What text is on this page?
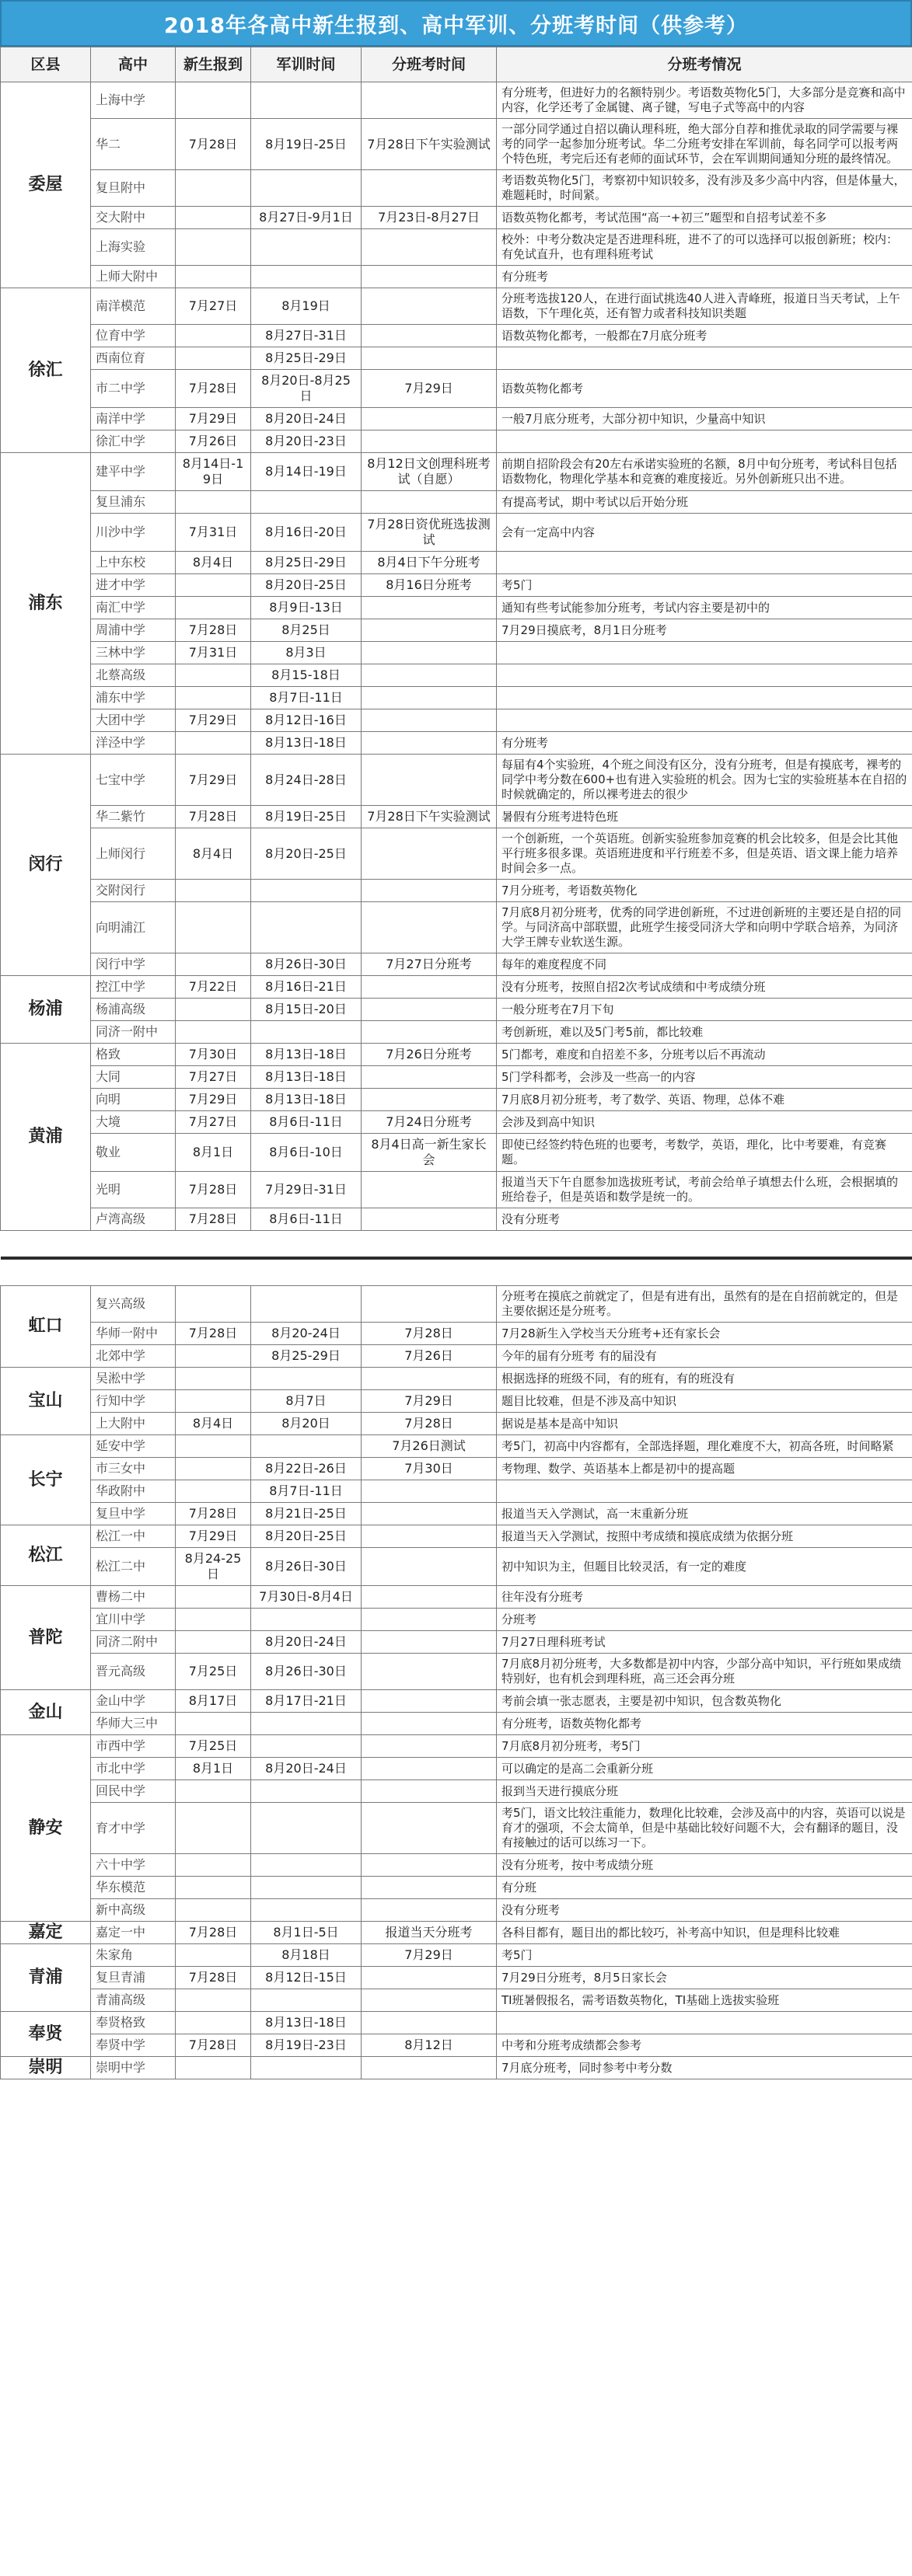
2018年各高中新生报到、高中军训、分班考时间（供参考）
区县	高中	新生报到	军训时间	分班考时间	分班考情况
委屋	上海中学				有分班考，但进好力的名额特别少。考语数英物化5门，大多部分是竞赛和高中内容，化学还考了金属键、离子键，写电子式等高中的内容
	华二	7月28日	8月19日-25日	7月28日下午实验测试	一部分同学通过自招以确认理科班，绝大部分自荐和推优录取的同学需要与裸考的同学一起参加分班考试。华二分班考安排在军训前，每名同学可以报考两个特色班，考完后还有老师的面试环节，会在军训期间通知分班的最终情况。
	复旦附中				考语数英物化5门，考察初中知识较多，没有涉及多少高中内容，但是体量大，难题耗时，时间紧。
	交大附中		8月27日-9月1日	7月23日-8月27日	语数英物化都考，考试范围“高一+初三”题型和自招考试差不多
	上海实验				校外：中考分数决定是否进理科班，进不了的可以选择可以报创新班；校内：有免试直升，也有理科班考试
	上师大附中				有分班考
徐汇	南洋模范	7月27日	8月19日		分班考选拔120人，在进行面试挑选40人进入青峰班，报道日当天考试，上午语数，下午理化英，还有智力或者科技知识类题
	位育中学		8月27日-31日		语数英物化都考，一般都在7月底分班考
	西南位育		8月25日-29日		
	市二中学	7月28日	8月20日-8月25日	7月29日	语数英物化都考
	南洋中学	7月29日	8月20日-24日		一般7月底分班考，大部分初中知识，少量高中知识
	徐汇中学	7月26日	8月20日-23日		
浦东	建平中学	8月14日-19日	8月14日-19日	8月12日文创理科班考试（自愿）	前期自招阶段会有20左右承诺实验班的名额，8月中旬分班考，考试科目包括语数物化，物理化学基本和竞赛的难度接近。另外创新班只出不进。
	复旦浦东				有提高考试，期中考试以后开始分班
	川沙中学	7月31日	8月16日-20日	7月28日资优班选拔测试	会有一定高中内容
	上中东校	8月4日	8月25日-29日	8月4日下午分班考	
	进才中学		8月20日-25日	8月16日分班考	考5门
	南汇中学		8月9日-13日		通知有些考试能参加分班考，考试内容主要是初中的
	周浦中学	7月28日	8月25日		7月29日摸底考，8月1日分班考
	三林中学	7月31日	8月3日		
	北蔡高级		8月15-18日		
	浦东中学		8月7日-11日		
	大团中学	7月29日	8月12日-16日		
	洋泾中学		8月13日-18日		有分班考
闵行	七宝中学	7月29日	8月24日-28日		每届有4个实验班，4个班之间没有区分，没有分班考，但是有摸底考，裸考的同学中考分数在600+也有进入实验班的机会。因为七宝的实验班基本在自招的时候就确定的，所以裸考进去的很少
	华二紫竹	7月28日	8月19日-25日	7月28日下午实验测试	暑假有分班考进特色班
	上师闵行	8月4日	8月20日-25日		一个创新班，一个英语班。创新实验班参加竞赛的机会比较多，但是会比其他平行班多很多课。英语班进度和平行班差不多，但是英语、语文课上能力培养时间会多一点。
	交附闵行				7月分班考，考语数英物化
	向明浦江				7月底8月初分班考，优秀的同学进创新班，不过进创新班的主要还是自招的同学。与同济高中部联盟，此班学生接受同济大学和向明中学联合培养，为同济大学王牌专业软送生源。
	闵行中学		8月26日-30日	7月27日分班考	每年的难度程度不同
杨浦	控江中学	7月22日	8月16日-21日		没有分班考，按照自招2次考试成绩和中考成绩分班
	杨浦高级		8月15日-20日		一般分班考在7月下旬
	同济一附中				考创新班，难以及5门考5前，都比较难
黄浦	格致	7月30日	8月13日-18日	7月26日分班考	5门都考，难度和自招差不多，分班考以后不再流动
	大同	7月27日	8月13日-18日		5门学科都考，会涉及一些高一的内容
	向明	7月29日	8月13日-18日		7月底8月初分班考，考了数学、英语、物理，总体不难
	大境	7月27日	8月6日-11日	7月24日分班考	会涉及到高中知识
	敬业	8月1日	8月6日-10日	8月4日高一新生家长会	即使已经签约特色班的也要考，考数学，英语，理化，比中考要难，有竞赛题。
	光明	7月28日	7月29日-31日		报道当天下午自愿参加选拔班考试，考前会给单子填想去什么班，会根据填的班给卷子，但是英语和数学是统一的。
	卢湾高级	7月28日	8月6日-11日		没有分班考

虹口	复兴高级				分班考在摸底之前就定了，但是有进有出，虽然有的是在自招前就定的，但是主要依据还是分班考。
	华师一附中	7月28日	8月20-24日	7月28日	7月28新生入学校当天分班考+还有家长会
	北郊中学		8月25-29日	7月26日	今年的届有分班考 有的届没有
宝山	吴淞中学				根据选择的班级不同，有的班有，有的班没有
	行知中学		8月7日	7月29日	题目比较难，但是不涉及高中知识
	上大附中	8月4日	8月20日	7月28日	据说是基本是高中知识
长宁	延安中学			7月26日测试	考5门，初高中内容都有，全部选择题，理化难度不大，初高各班，时间略紧
	市三女中		8月22日-26日	7月30日	考物理、数学、英语基本上都是初中的提高题
	华政附中		8月7日-11日		
	复旦中学	7月28日	8月21日-25日		报道当天入学测试，高一末重新分班
松江	松江一中	7月29日	8月20日-25日		报道当天入学测试，按照中考成绩和摸底成绩为依据分班
	松江二中	8月24-25日	8月26日-30日		初中知识为主，但题目比较灵活，有一定的难度
普陀	曹杨二中		7月30日-8月4日		往年没有分班考
	宜川中学				分班考
	同济二附中		8月20日-24日		7月27日理科班考试
	晋元高级	7月25日	8月26日-30日		7月底8月初分班考，大多数都是初中内容，少部分高中知识，平行班如果成绩特别好，也有机会到理科班，高三还会再分班
金山	金山中学	8月17日	8月17日-21日		考前会填一张志愿表，主要是初中知识，包含数英物化
	华师大三中				有分班考，语数英物化都考
静安	市西中学	7月25日			7月底8月初分班考，考5门
	市北中学	8月1日	8月20日-24日		可以确定的是高二会重新分班
	回民中学				报到当天进行摸底分班
	育才中学				考5门，语文比较注重能力，数理化比较难，会涉及高中的内容，英语可以说是育才的强项，不会太简单，但是中基础比较好问题不大，会有翻译的题目，没有接触过的话可以练习一下。
	六十中学				没有分班考，按中考成绩分班
	华东模范				有分班
	新中高级				没有分班考
嘉定	嘉定一中	7月28日	8月1日-5日	报道当天分班考	各科目都有，题目出的都比较巧，补考高中知识，但是理科比较难
青浦	朱家角		8月18日	7月29日	考5门
	复旦青浦	7月28日	8月12日-15日		7月29日分班考，8月5日家长会
	青浦高级				TI班暑假报名，需考语数英物化，TI基础上选拔实验班
奉贤	奉贤格致		8月13日-18日		
	奉贤中学	7月28日	8月19日-23日	8月12日	中考和分班考成绩都会参考
崇明	崇明中学				7月底分班考，同时参考中考分数
